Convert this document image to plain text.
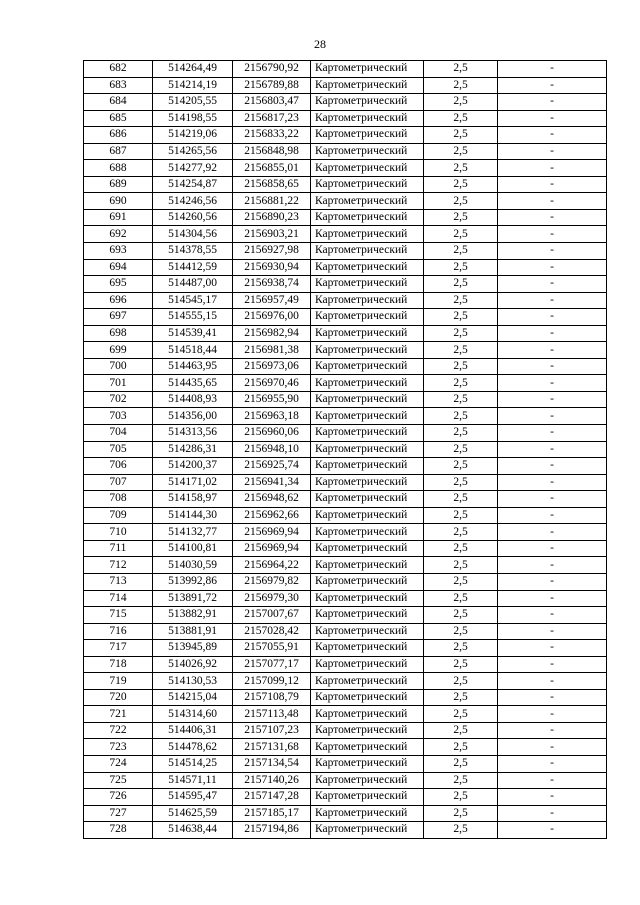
28
682	514264,49	2156790,92	Картометрический	2,5	-
683	514214,19	2156789,88	Картометрический	2,5	-
684	514205,55	2156803,47	Картометрический	2,5	-
685	514198,55	2156817,23	Картометрический	2,5	-
686	514219,06	2156833,22	Картометрический	2,5	-
687	514265,56	2156848,98	Картометрический	2,5	-
688	514277,92	2156855,01	Картометрический	2,5	-
689	514254,87	2156858,65	Картометрический	2,5	-
690	514246,56	2156881,22	Картометрический	2,5	-
691	514260,56	2156890,23	Картометрический	2,5	-
692	514304,56	2156903,21	Картометрический	2,5	-
693	514378,55	2156927,98	Картометрический	2,5	-
694	514412,59	2156930,94	Картометрический	2,5	-
695	514487,00	2156938,74	Картометрический	2,5	-
696	514545,17	2156957,49	Картометрический	2,5	-
697	514555,15	2156976,00	Картометрический	2,5	-
698	514539,41	2156982,94	Картометрический	2,5	-
699	514518,44	2156981,38	Картометрический	2,5	-
700	514463,95	2156973,06	Картометрический	2,5	-
701	514435,65	2156970,46	Картометрический	2,5	-
702	514408,93	2156955,90	Картометрический	2,5	-
703	514356,00	2156963,18	Картометрический	2,5	-
704	514313,56	2156960,06	Картометрический	2,5	-
705	514286,31	2156948,10	Картометрический	2,5	-
706	514200,37	2156925,74	Картометрический	2,5	-
707	514171,02	2156941,34	Картометрический	2,5	-
708	514158,97	2156948,62	Картометрический	2,5	-
709	514144,30	2156962,66	Картометрический	2,5	-
710	514132,77	2156969,94	Картометрический	2,5	-
711	514100,81	2156969,94	Картометрический	2,5	-
712	514030,59	2156964,22	Картометрический	2,5	-
713	513992,86	2156979,82	Картометрический	2,5	-
714	513891,72	2156979,30	Картометрический	2,5	-
715	513882,91	2157007,67	Картометрический	2,5	-
716	513881,91	2157028,42	Картометрический	2,5	-
717	513945,89	2157055,91	Картометрический	2,5	-
718	514026,92	2157077,17	Картометрический	2,5	-
719	514130,53	2157099,12	Картометрический	2,5	-
720	514215,04	2157108,79	Картометрический	2,5	-
721	514314,60	2157113,48	Картометрический	2,5	-
722	514406,31	2157107,23	Картометрический	2,5	-
723	514478,62	2157131,68	Картометрический	2,5	-
724	514514,25	2157134,54	Картометрический	2,5	-
725	514571,11	2157140,26	Картометрический	2,5	-
726	514595,47	2157147,28	Картометрический	2,5	-
727	514625,59	2157185,17	Картометрический	2,5	-
728	514638,44	2157194,86	Картометрический	2,5	-
